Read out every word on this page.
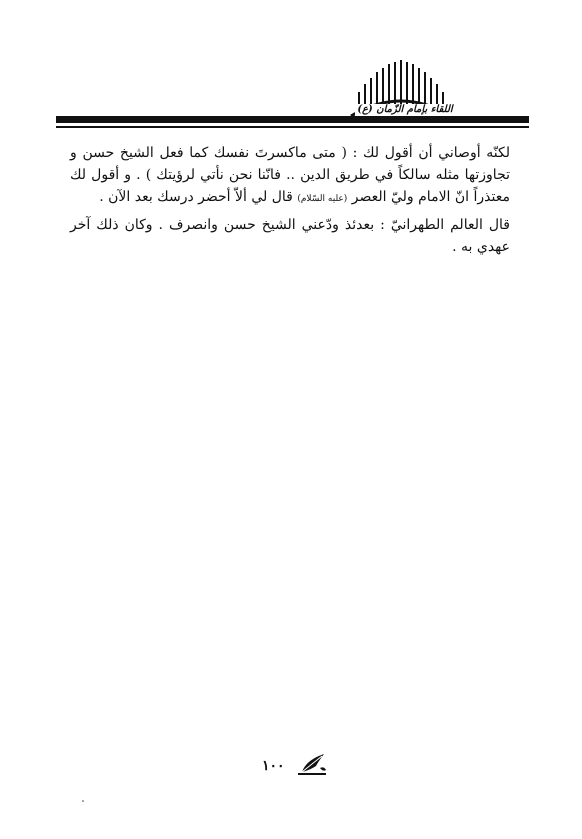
اللقاء بإمام الزّمان (ع)

لكنّه أوصاني أن أقول لك : ( متى ماكسرتَ نفسك كما فعل الشيخ حسن و تجاوزتها مثله سالكاً في طريق الدين .. فانّنا نحن نأتي لرؤيتك ) . و أقول لك معتذراً انّ الامام وليّ العصر (عليه السّلام) قال لي ألاّ أحضر درسك بعد الآن .

قال العالم الطهرانيّ : بعدئذ ودّعني الشيخ حسن وانصرف . وكان ذلك آخر عهدي به .

١٠٠
